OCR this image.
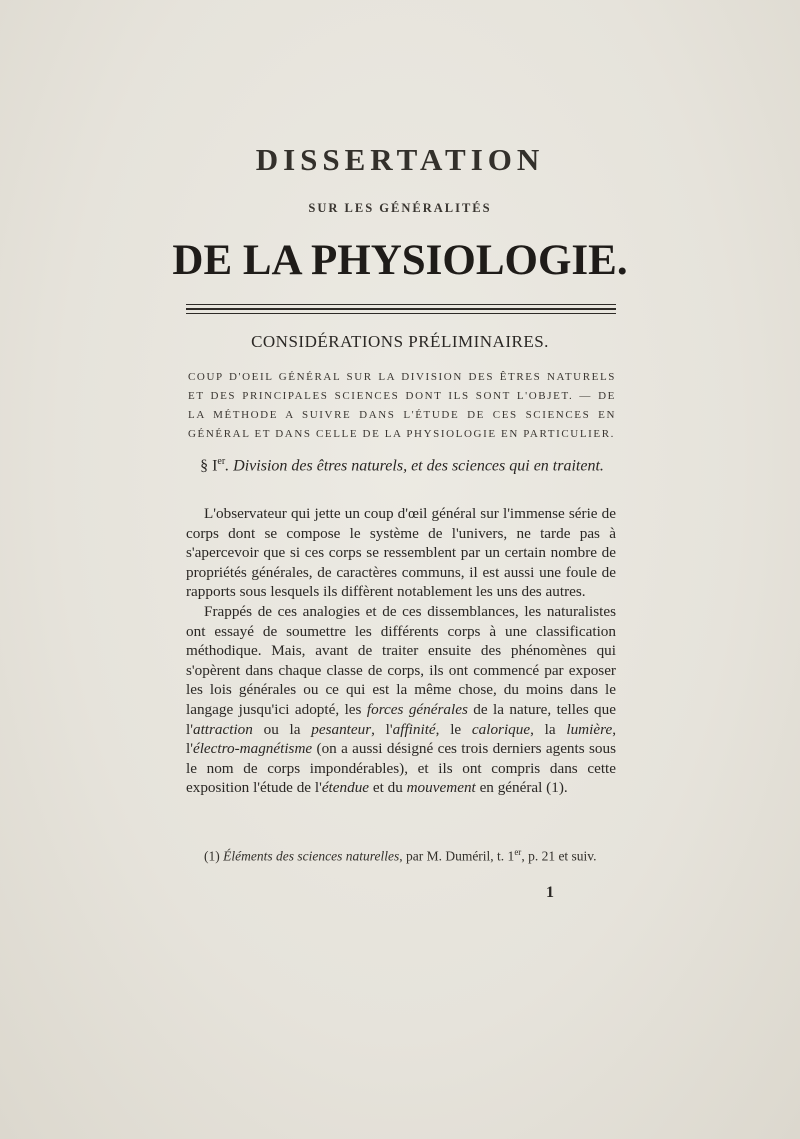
DISSERTATION
SUR LES GÉNÉRALITÉS
DE LA PHYSIOLOGIE.
CONSIDÉRATIONS PRÉLIMINAIRES.

COUP D'OEIL GÉNÉRAL SUR LA DIVISION DES ÊTRES NATURELS ET DES PRINCIPALES SCIENCES DONT ILS SONT L'OBJET. — DE LA MÉTHODE A SUIVRE DANS L'ÉTUDE DE CES SCIENCES EN GÉNÉRAL ET DANS CELLE DE LA PHYSIOLOGIE EN PARTICULIER.

§ Ier. Division des êtres naturels, et des sciences qui en traitent.

L'observateur qui jette un coup d'œil général sur l'immense série de corps dont se compose le système de l'univers, ne tarde pas à s'apercevoir que si ces corps se ressemblent par un certain nombre de propriétés générales, de caractères communs, il est aussi une foule de rapports sous lesquels ils diffèrent notablement les uns des autres.

Frappés de ces analogies et de ces dissemblances, les naturalistes ont essayé de soumettre les différents corps à une classification méthodique. Mais, avant de traiter ensuite des phénomènes qui s'opèrent dans chaque classe de corps, ils ont commencé par exposer les lois générales ou ce qui est la même chose, du moins dans le langage jusqu'ici adopté, les forces générales de la nature, telles que l'attraction ou la pesanteur, l'affinité, le calorique, la lumière, l'électro-magnétisme (on a aussi désigné ces trois derniers agents sous le nom de corps impondérables), et ils ont compris dans cette exposition l'étude de l'étendue et du mouvement en général (1).

(1) Éléments des sciences naturelles, par M. Duméril, t. 1er, p. 21 et suiv.

1
